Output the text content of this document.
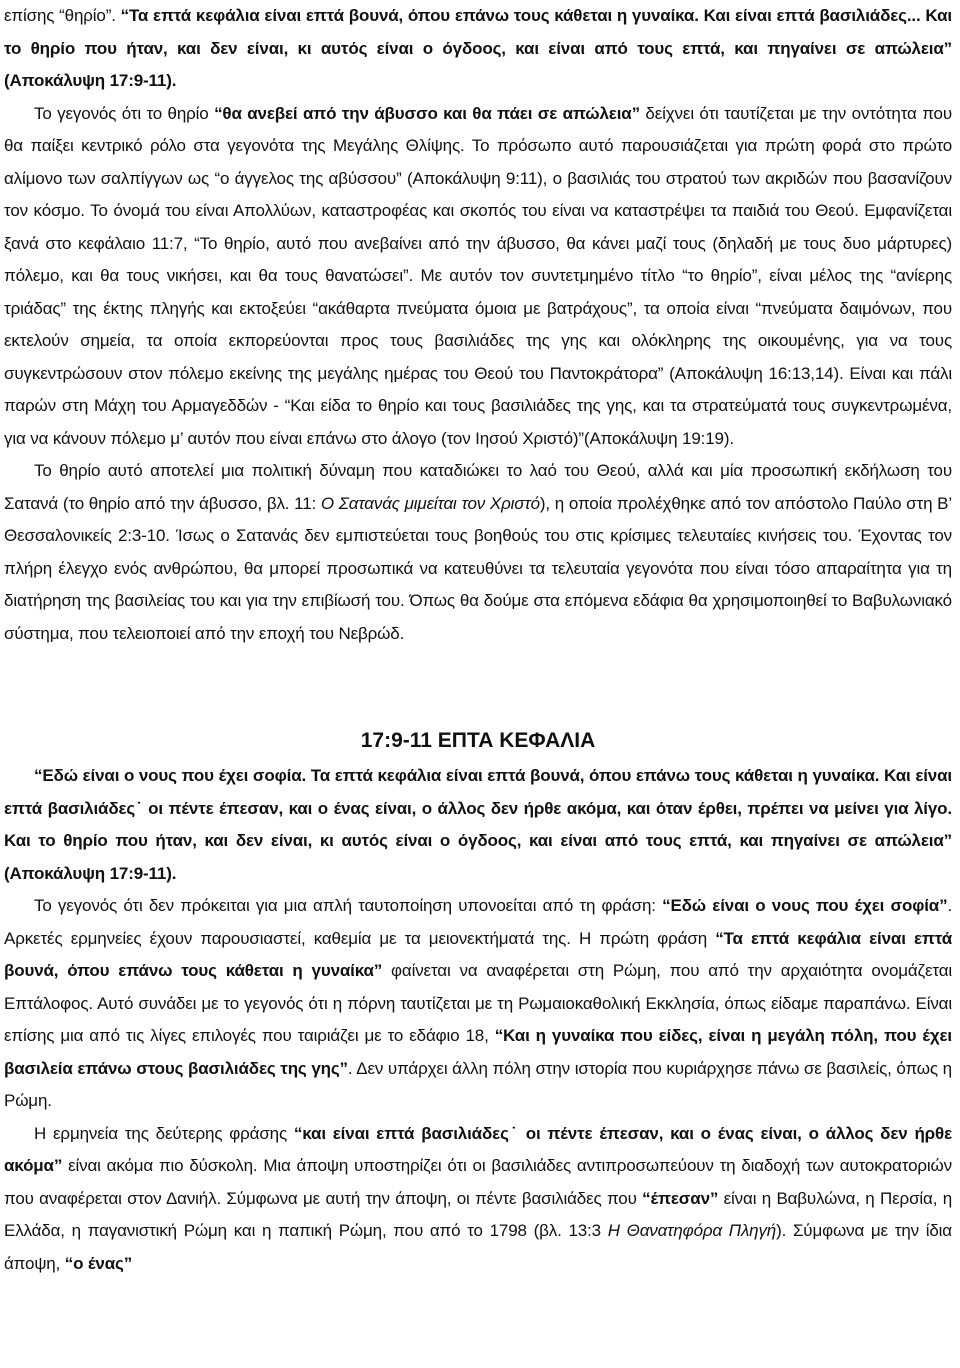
επίσης “θηρίο”. “Τα επτά κεφάλια είναι επτά βουνά, όπου επάνω τους κάθεται η γυναίκα. Και είναι επτά βασιλιάδες... Και το θηρίο που ήταν, και δεν είναι, κι αυτός είναι ο όγδοος, και είναι από τους επτά, και πηγαίνει σε απώλεια” (Αποκάλυψη 17:9-11).

Το γεγονός ότι το θηρίο “θα ανεβεί από την άβυσσο και θα πάει σε απώλεια” δείχνει ότι ταυτίζεται με την οντότητα που θα παίξει κεντρικό ρόλο στα γεγονότα της Μεγάλης Θλίψης. Το πρόσωπο αυτό παρουσιάζεται για πρώτη φορά στο πρώτο αλίμονο των σαλπίγγων ως “ο άγγελος της αβύσσου” (Αποκάλυψη 9:11), ο βασιλιάς του στρατού των ακριδών που βασανίζουν τον κόσμο. Το όνομά του είναι Απολλύων, καταστροφέας και σκοπός του είναι να καταστρέψει τα παιδιά του Θεού. Εμφανίζεται ξανά στο κεφάλαιο 11:7, “Το θηρίο, αυτό που ανεβαίνει από την άβυσσο, θα κάνει μαζί τους (δηλαδή με τους δυο μάρτυρες) πόλεμο, και θα τους νικήσει, και θα τους θανατώσει”. Με αυτόν τον συντετμημένο τίτλο “το θηρίο”, είναι μέλος της “ανίερης τριάδας” της έκτης πληγής και εκτοξεύει “ακάθαρτα πνεύματα όμοια με βατράχους”, τα οποία είναι “πνεύματα δαιμόνων, που εκτελούν σημεία, τα οποία εκπορεύονται προς τους βασιλιάδες της γης και ολόκληρης της οικουμένης, για να τους συγκεντρώσουν στον πόλεμο εκείνης της μεγάλης ημέρας του Θεού του Παντοκράτορα” (Αποκάλυψη 16:13,14). Είναι και πάλι παρών στη Μάχη του Αρμαγεδδών - “Και είδα το θηρίο και τους βασιλιάδες της γης, και τα στρατεύματά τους συγκεντρωμένα, για να κάνουν πόλεμο μ’ αυτόν που είναι επάνω στο άλογο (τον Ιησού Χριστό)”(Αποκάλυψη 19:19).

Το θηρίο αυτό αποτελεί μια πολιτική δύναμη που καταδιώκει το λαό του Θεού, αλλά και μία προσωπική εκδήλωση του Σατανά (το θηρίο από την άβυσσο, βλ. 11: Ο Σατανάς μιμείται τον Χριστό), η οποία προλέχθηκε από τον απόστολο Παύλο στη Β’ Θεσσαλονικείς 2:3-10. Ίσως ο Σατανάς δεν εμπιστεύεται τους βοηθούς του στις κρίσιμες τελευταίες κινήσεις του. Έχοντας τον πλήρη έλεγχο ενός ανθρώπου, θα μπορεί προσωπικά να κατευθύνει τα τελευταία γεγονότα που είναι τόσο απαραίτητα για τη διατήρηση της βασιλείας του και για την επιβίωσή του. Όπως θα δούμε στα επόμενα εδάφια θα χρησιμοποιηθεί το Βαβυλωνιακό σύστημα, που τελειοποιεί από την εποχή του Νεβρώδ.

17:9-11 ΕΠΤΑ ΚΕΦΑΛΙΑ

“Εδώ είναι ο νους που έχει σοφία. Τα επτά κεφάλια είναι επτά βουνά, όπου επάνω τους κάθεται η γυναίκα. Και είναι επτά βασιλιάδες˙ οι πέντε έπεσαν, και ο ένας είναι, ο άλλος δεν ήρθε ακόμα, και όταν έρθει, πρέπει να μείνει για λίγο. Και το θηρίο που ήταν, και δεν είναι, κι αυτός είναι ο όγδοος, και είναι από τους επτά, και πηγαίνει σε απώλεια” (Αποκάλυψη 17:9-11).

Το γεγονός ότι δεν πρόκειται για μια απλή ταυτοποίηση υπονοείται από τη φράση: “Εδώ είναι ο νους που έχει σοφία”. Αρκετές ερμηνείες έχουν παρουσιαστεί, καθεμία με τα μειονεκτήματά της. Η πρώτη φράση “Τα επτά κεφάλια είναι επτά βουνά, όπου επάνω τους κάθεται η γυναίκα” φαίνεται να αναφέρεται στη Ρώμη, που από την αρχαιότητα ονομάζεται Επτάλοφος. Αυτό συνάδει με το γεγονός ότι η πόρνη ταυτίζεται με τη Ρωμαιοκαθολική Εκκλησία, όπως είδαμε παραπάνω. Είναι επίσης μια από τις λίγες επιλογές που ταιριάζει με το εδάφιο 18, “Και η γυναίκα που είδες, είναι η μεγάλη πόλη, που έχει βασιλεία επάνω στους βασιλιάδες της γης”. Δεν υπάρχει άλλη πόλη στην ιστορία που κυριάρχησε πάνω σε βασιλείς, όπως η Ρώμη.

Η ερμηνεία της δεύτερης φράσης “και είναι επτά βασιλιάδες˙ οι πέντε έπεσαν, και ο ένας είναι, ο άλλος δεν ήρθε ακόμα” είναι ακόμα πιο δύσκολη. Μια άποψη υποστηρίζει ότι οι βασιλιάδες αντιπροσωπεύουν τη διαδοχή των αυτοκρατοριών που αναφέρεται στον Δανιήλ. Σύμφωνα με αυτή την άποψη, οι πέντε βασιλιάδες που “έπεσαν” είναι η Βαβυλώνα, η Περσία, η Ελλάδα, η παγανιστική Ρώμη και η παπική Ρώμη, που από το 1798 (βλ. 13:3 Η Θανατηφόρα Πληγή). Σύμφωνα με την ίδια άποψη, “ο ένας”
